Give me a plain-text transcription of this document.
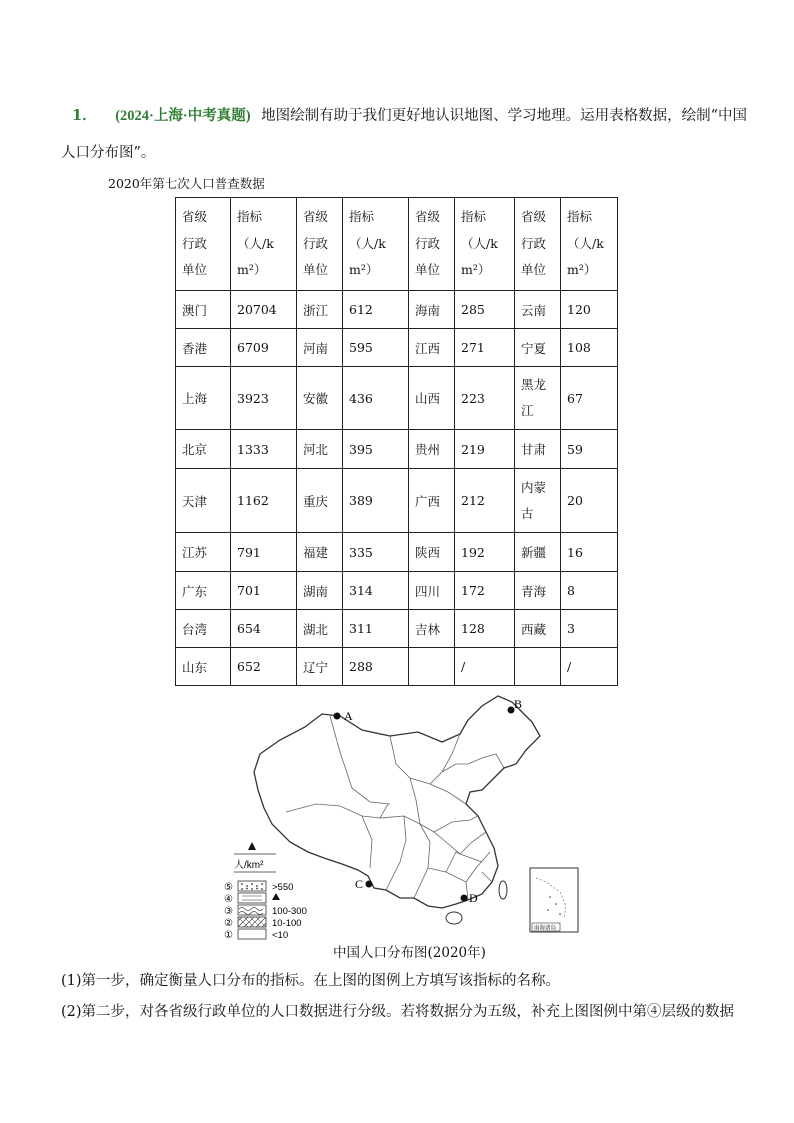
1． (2024·上海·中考真题) 地图绘制有助于我们更好地认识地图、学习地理。运用表格数据，绘制“中国
人口分布图”。
2020年第七次人口普查数据
省级
行政
单位	指标
（人/k
m²）	省级
行政
单位	指标
（人/k
m²）	省级
行政
单位	指标
（人/k
m²）	省级
行政
单位	指标
（人/k
m²）
澳门	20704	浙江	612	海南	285	云南	120
香港	6709	河南	595	江西	271	宁夏	108
上海	3923	安徽	436	山西	223	黑龙江	67
北京	1333	河北	395	贵州	219	甘肃	59
天津	1162	重庆	389	广西	212	内蒙古	20
江苏	791	福建	335	陕西	192	新疆	16
广东	701	湖南	314	四川	172	青海	8
台湾	654	湖北	311	吉林	128	西藏	3
山东	652	辽宁	288		/		/
A
B
C
D
南海诸岛
人/km²
⑤	>550
④
③	100-300
②	10-100
①	<10
中国人口分布图(2020年)
(1)第一步，确定衡量人口分布的指标。在上图的图例上方填写该指标的名称。
(2)第二步，对各省级行政单位的人口数据进行分级。若将数据分为五级，补充上图图例中第④层级的数据
